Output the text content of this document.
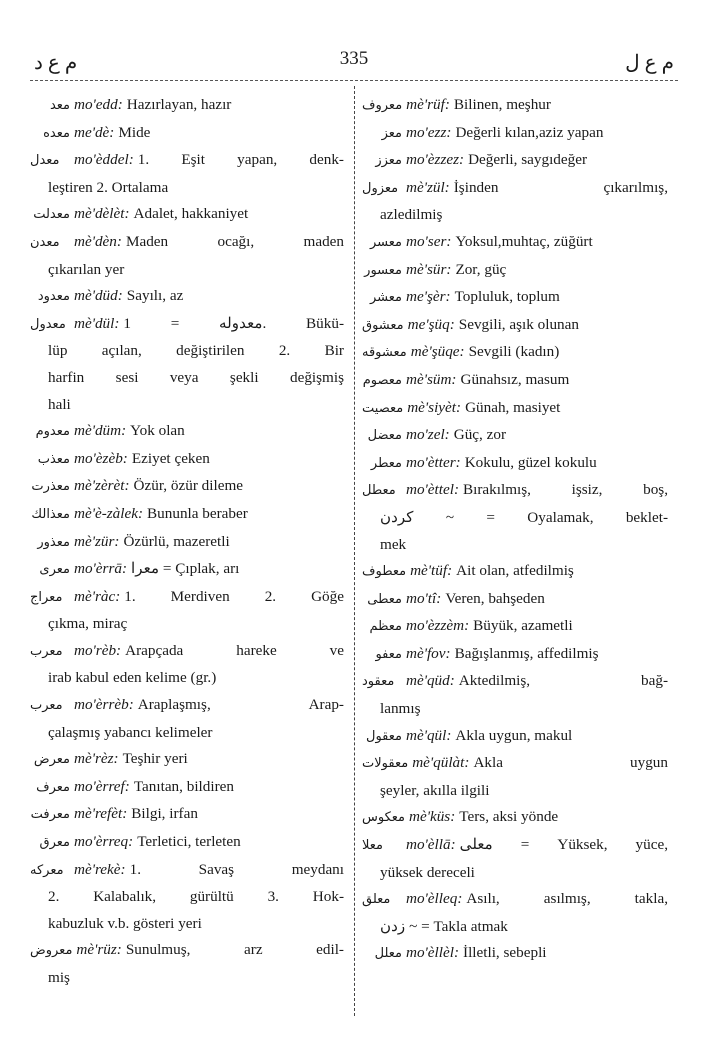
م ع د	335	م ع ل
معد mo'edd: Hazırlayan, hazır
معده me'dè: Mide
معدل mo'èddel: 1. Eşit yapan, denk-
leştiren 2. Ortalama
معدلت mè'dèlèt: Adalet, hakkaniyet
معدن mè'dèn: Maden ocağı, maden
çıkarılan yer
معدود mè'düd: Sayılı, az
معدول mè'dül: معدوله = 1. Bükü-
lüp açılan, değiştirilen 2. Bir
harfin sesi veya şekli değişmiş
hali
معدوم mè'düm: Yok olan
معذب mo'èzèb: Eziyet çeken
معذرت mè'zèrèt: Özür, özür dileme
معذالك mè'è-zàlek: Bununla beraber
معذور mè'zür: Özürlü, mazeretli
معرى mo'èrrā: معرا = Çıplak, arı
معراج mè'ràc: 1. Merdiven 2. Göğe
çıkma, miraç
معرب mo'rèb: Arapçada hareke ve
irab kabul eden kelime (gr.)
معرب mo'èrrèb: Araplaşmış, Arap-
çalaşmış yabancı kelimeler
معرض mè'rèz: Teşhir yeri
معرف mo'èrref: Tanıtan, bildiren
معرفت mè'refèt: Bilgi, irfan
معرق mo'èrreq: Terletici, terleten
معركه mè'rekè: 1. Savaş meydanı
2. Kalabalık, gürültü 3. Hok-
kabuzluk v.b. gösteri yeri
معروض mè'rüz: Sunulmuş, arz edil-
miş
معروف mè'rüf: Bilinen, meşhur
معز mo'ezz: Değerli kılan,aziz yapan
معزز mo'èzzez: Değerli, saygıdeğer
معزول mè'zül: İşinden çıkarılmış,
azledilmiş
معسر mo'ser: Yoksul,muhtaç, züğürt
معسور mè'sür: Zor, güç
معشر me'şèr: Topluluk, toplum
معشوق me'şüq: Sevgili, aşık olunan
معشوقه mè'şüqe: Sevgili (kadın)
معصوم mè'süm: Günahsız, masum
معصيت mè'siyèt: Günah, masiyet
معضل mo'zel: Güç, zor
معطر mo'ètter: Kokulu, güzel kokulu
معطل mo'èttel: Bırakılmış, işsiz, boş,
كردن ~ = Oyalamak, beklet-
mek
معطوف mè'tüf: Ait olan, atfedilmiş
معطى mo'tî: Veren, bahşeden
معظم mo'èzzèm: Büyük, azametli
معفو mè'fov: Bağışlanmış, affedilmiş
معقود mè'qüd: Aktedilmiş, bağ-
lanmış
معقول mè'qül: Akla uygun, makul
معقولات mè'qülàt: Akla uygun
şeyler, akılla ilgili
معكوس mè'küs: Ters, aksi yönde
معلا mo'èllā: معلى = Yüksek, yüce,
yüksek dereceli
معلق mo'èlleq: Asılı, asılmış, takla,
زدن ~ = Takla atmak
معلل mo'èllèl: İlletli, sebepli
